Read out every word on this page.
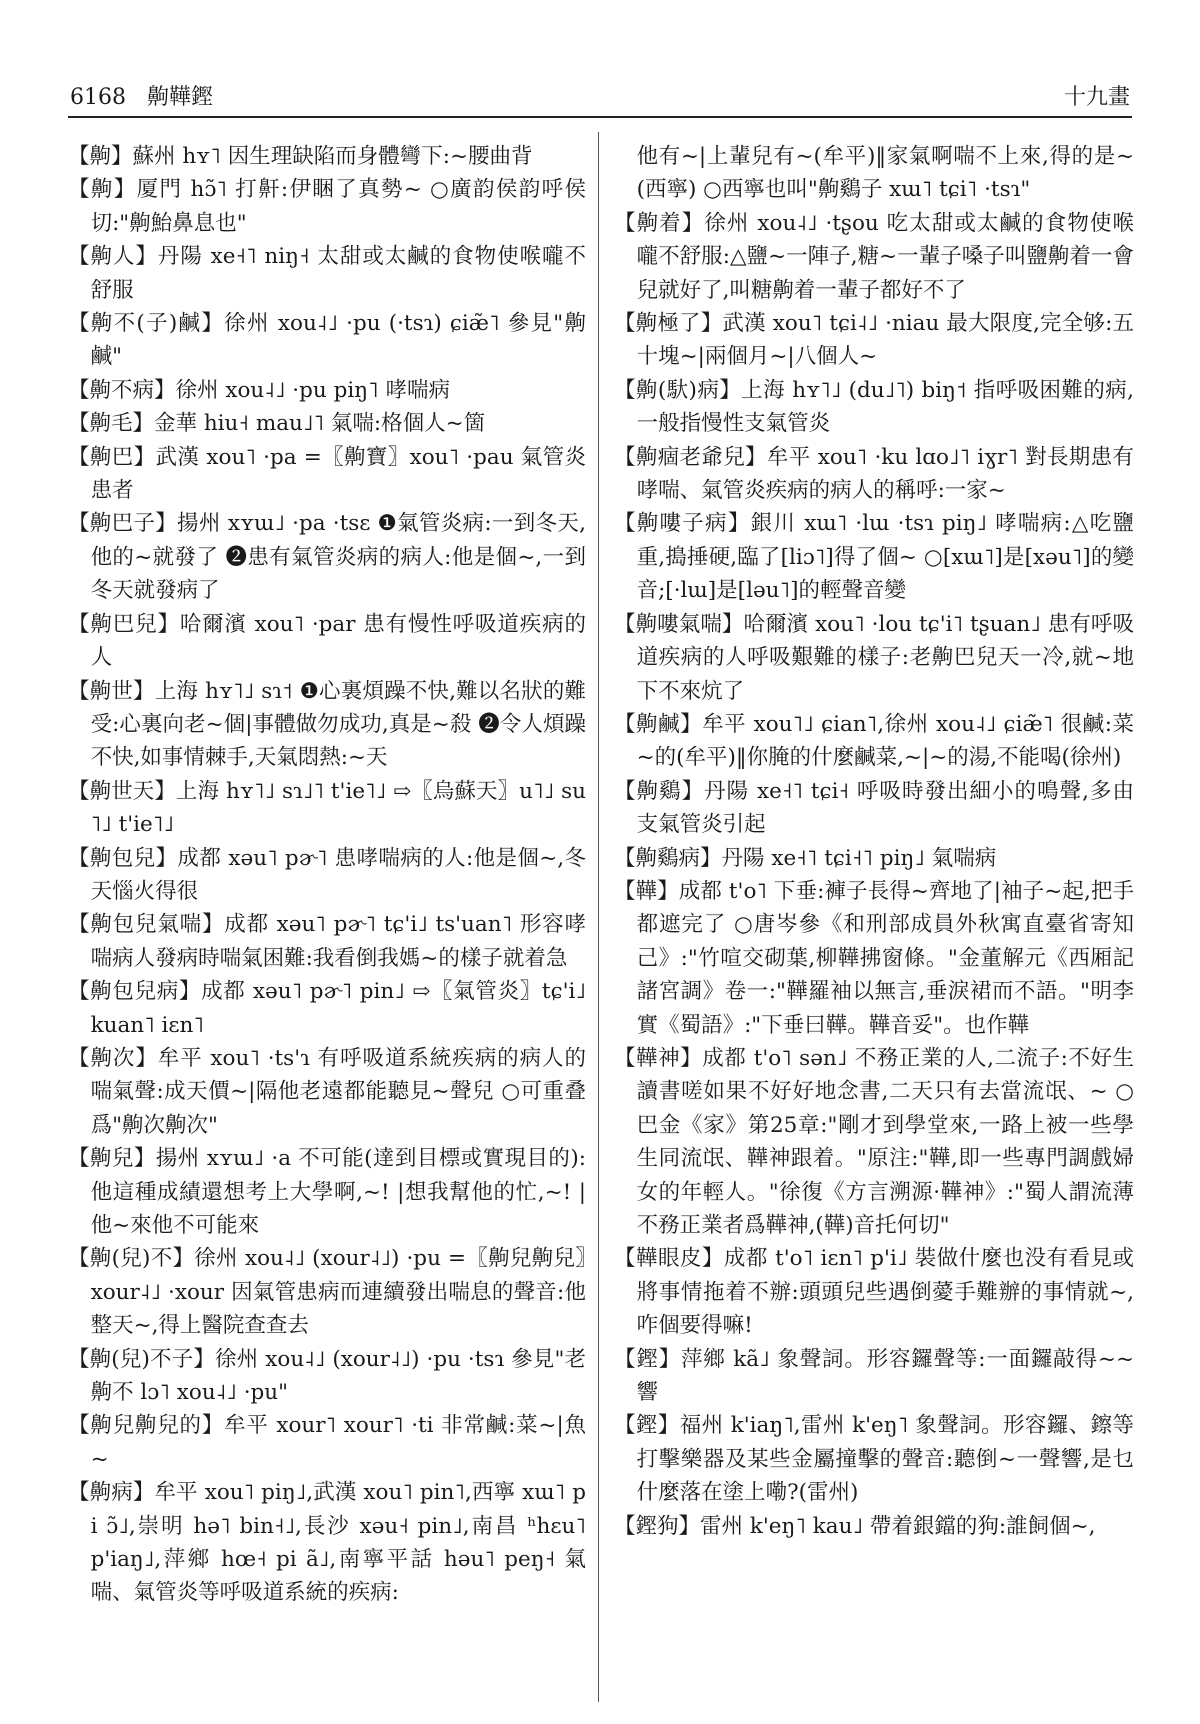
6168 齁鞾鏗	十九畫

【齁】蘇州 hʏ˥ 因生理缺陷而身體彎下:~腰曲背

【齁】厦門 hɔ̃˥ 打鼾:伊睏了真勢~ ○廣韵侯韵呼侯切:"齁鮐鼻息也"

【齁人】丹陽 xe˧˥ niŋ˧ 太甜或太鹹的食物使喉嚨不舒服

【齁不(子)鹹】徐州 xou˨˩ ·pu (·tsɿ) ɕiæ̃˥ 參見"齁鹹"

【齁不病】徐州 xou˨˩ ·pu piŋ˥ 哮喘病

【齁毛】金華 hiu˧ mau˩˥ 氣喘:格個人~箇

【齁巴】武漢 xou˥ ·pa =〖齁寶〗xou˥ ·pau 氣管炎患者

【齁巴子】揚州 xʏɯ˩ ·pa ·tsɛ ❶氣管炎病:一到冬天,他的~就發了 ❷患有氣管炎病的病人:他是個~,一到冬天就發病了

【齁巴兒】哈爾濱 xou˥ ·par 患有慢性呼吸道疾病的人

【齁世】上海 hʏ˥˩ sɿ˦ ❶心裏煩躁不快,難以名狀的難受:心裏向老~個|事體做勿成功,真是~殺 ❷令人煩躁不快,如事情棘手,天氣悶熱:~天

【齁世天】上海 hʏ˥˩ sɿ˩˥ t'ie˥˩ ⇨〖烏蘇天〗u˥˩ su˥˩ t'ie˥˩

【齁包兒】成都 xəu˥ pɚ˥ 患哮喘病的人:他是個~,冬天惱火得很

【齁包兒氣喘】成都 xəu˥ pɚ˥ tɕ'i˩ ts'uan˥ 形容哮喘病人發病時喘氣困難:我看倒我媽~的樣子就着急

【齁包兒病】成都 xəu˥ pɚ˥ pin˩ ⇨〖氣管炎〗tɕ'i˩ kuan˥ iɛn˥

【齁次】牟平 xou˥ ·ts'ɿ 有呼吸道系統疾病的病人的喘氣聲:成天價~|隔他老遠都能聽見~聲兒 ○可重叠爲"齁次齁次"

【齁兒】揚州 xʏɯ˩ ·a 不可能(達到目標或實現目的):他這種成績還想考上大學啊,~! |想我幫他的忙,~! |他~來他不可能來

【齁(兒)不】徐州 xou˨˩ (xour˨˩) ·pu =〖齁兒齁兒〗xour˨˩ ·xour 因氣管患病而連續發出喘息的聲音:他整天~,得上醫院查查去

【齁(兒)不子】徐州 xou˨˩ (xour˨˩) ·pu ·tsɿ 參見"老齁不 lɔ˥ xou˨˩ ·pu"

【齁兒齁兒的】牟平 xour˥ xour˥ ·ti 非常鹹:菜~|魚~

【齁病】牟平 xou˥ piŋ˩,武漢 xou˥ pin˥,西寧 xɯ˥ pi ɔ̃˩,崇明 hə˥ bin˧˩,長沙 xəu˧ pin˩,南昌 ʰhɛu˥ p'iaŋ˩,萍鄉 hœ˧ pi ã˩,南寧平話 həu˥ peŋ˧ 氣喘、氣管炎等呼吸道系統的疾病:

他有~|上輩兒有~(牟平)‖家氣啊喘不上來,得的是~(西寧) ○西寧也叫"齁鷄子 xɯ˥ tɕi˥ ·tsɿ"

【齁着】徐州 xou˨˩ ·tʂou 吃太甜或太鹹的食物使喉嚨不舒服:△鹽~一陣子,糖~一輩子嗓子叫鹽齁着一會兒就好了,叫糖齁着一輩子都好不了

【齁極了】武漢 xou˥ tɕi˨˩ ·niau 最大限度,完全够:五十塊~|兩個月~|八個人~

【齁(馱)病】上海 hʏ˥˩ (du˩˥) biŋ˦ 指呼吸困難的病,一般指慢性支氣管炎

【齁痼老爺兒】牟平 xou˥ ·ku lɑo˩˥ iɣr˥ 對長期患有哮喘、氣管炎疾病的病人的稱呼:一家~

【齁嘍子病】銀川 xɯ˥ ·lɯ ·tsɿ piŋ˩ 哮喘病:△吃鹽重,搗捶硬,臨了[liɔ˥]得了個~ ○[xɯ˥]是[xəu˥]的變音;[·lɯ]是[ləu˥]的輕聲音變

【齁嘍氣喘】哈爾濱 xou˥ ·lou tɕ'i˥ tʂuan˩ 患有呼吸道疾病的人呼吸艱難的樣子:老齁巴兒天一冷,就~地下不來炕了

【齁鹹】牟平 xou˥˩ ɕian˥,徐州 xou˨˩ ɕiæ̃˥ 很鹹:菜~的(牟平)‖你腌的什麼鹹菜,~|~的湯,不能喝(徐州)

【齁鷄】丹陽 xe˧˥ tɕi˧ 呼吸時發出細小的鳴聲,多由支氣管炎引起

【齁鷄病】丹陽 xe˧˥ tɕi˧˥ piŋ˩ 氣喘病

【鞾】成都 t'o˥ 下垂:褲子長得~齊地了|袖子~起,把手都遮完了 ○唐岑參《和刑部成員外秋寓直臺省寄知己》:"竹喧交砌葉,柳鞾拂窗條。"金董解元《西厢記諸宮調》卷一:"鞾羅袖以無言,垂淚裙而不語。"明李實《蜀語》:"下垂曰鞾。鞾音妥"。也作鞾

【鞾神】成都 t'o˥ sən˩ 不務正業的人,二流子:不好生讀書嗟如果不好好地念書,二天只有去當流氓、~ ○巴金《家》第25章:"剛才到學堂來,一路上被一些學生同流氓、鞾神跟着。"原注:"鞾,即一些專門調戲婦女的年輕人。"徐復《方言溯源·鞾神》:"蜀人謂流薄不務正業者爲鞾神,(鞾)音托何切"

【鞾眼皮】成都 t'o˥ iɛn˥ p'i˩ 裝做什麼也没有看見或將事情拖着不辦:頭頭兒些遇倒薆手難辦的事情就~,咋個要得嘛!

【鏗】萍鄉 kã˩ 象聲詞。形容鑼聲等:一面鑼敲得~~響

【鏗】福州 k'iaŋ˥,雷州 k'eŋ˥ 象聲詞。形容鑼、鑔等打擊樂器及某些金屬撞擊的聲音:聽倒~一聲響,是乜什麼落在塗上嘞?(雷州)

【鏗狗】雷州 k'eŋ˥ kau˩ 帶着銀鐺的狗:誰飼個~,
